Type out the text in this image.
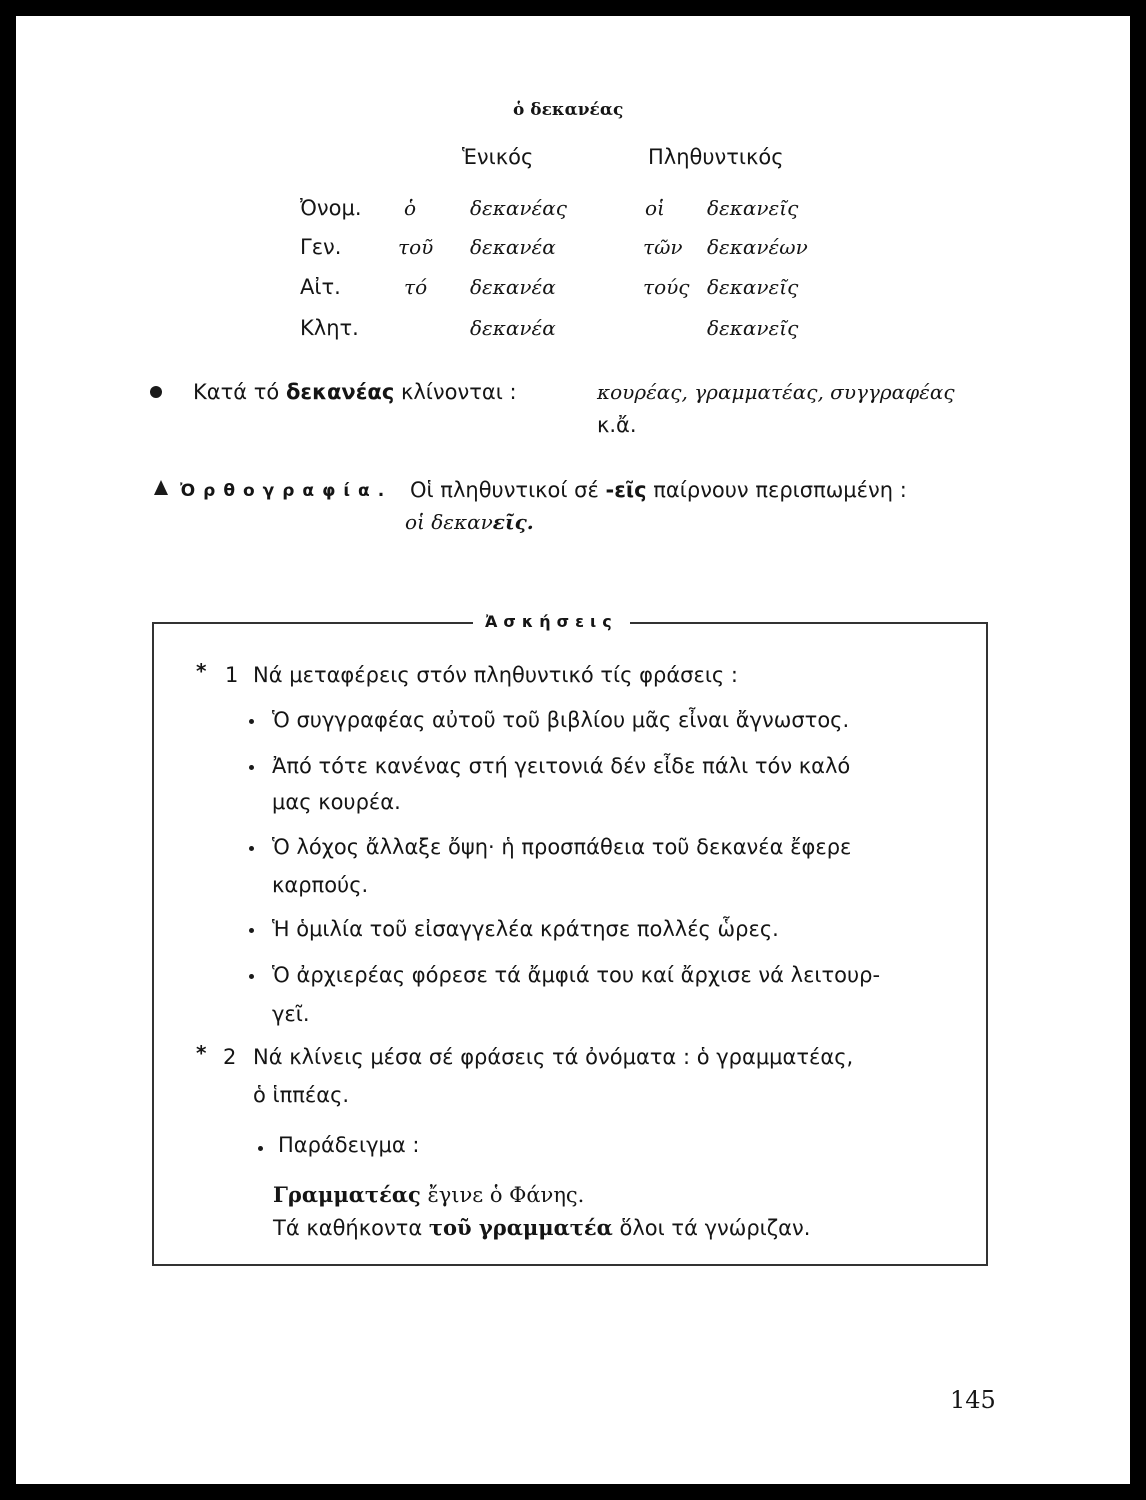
ὁ δεκανέας
Ἑνικός	Πληθυντικός
Ὀνομ. ὁ	δεκανέας	οἱ δεκανεῖς
Γεν.	τοῦ δεκανέα	τῶν δεκανέων
Αἰτ.	τό δεκανέα	τούς δεκανεῖς
Κλητ.	δεκανέα	δεκανεῖς
Κατά τό δεκανέας κλίνονται :	κουρέας, γραμματέας, συγγραφέας
κ.ἄ.
Ὀρθογραφία. Οἱ πληθυντικοί σέ -εῖς παίρνουν περισπωμένη :
οἱ δεκανεῖς.
Ἀσκήσεις
* 1 Νά μεταφέρεις στόν πληθυντικό τίς φράσεις :
Ὁ συγγραφέας αὐτοῦ τοῦ βιβλίου μᾶς εἶναι ἄγνωστος.
Ἀπό τότε κανένας στή γειτονιά δέν εἶδε πάλι τόν καλό
μας κουρέα.
Ὁ λόχος ἄλλαξε ὄψη· ἡ προσπάθεια τοῦ δεκανέα ἔφερε
καρπούς.
Ἡ ὁμιλία τοῦ εἰσαγγελέα κράτησε πολλές ὧρες.
Ὁ ἀρχιερέας φόρεσε τά ἄμφιά του καί ἄρχισε νά λειτουρ-
γεῖ.
* 2 Νά κλίνεις μέσα σέ φράσεις τά ὀνόματα : ὁ γραμματέας,
ὁ ἱππέας.
Παράδειγμα :
Γραμματέας ἔγινε ὁ Φάνης.
Τά καθήκοντα τοῦ γραμματέα ὅλοι τά γνώριζαν.
145
